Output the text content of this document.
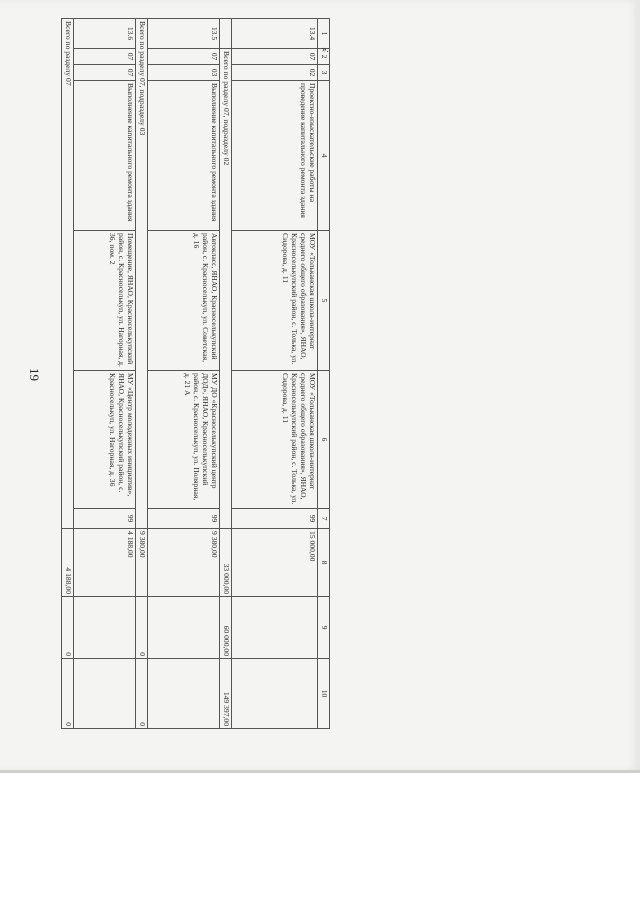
1	2	3	4	5	6	7	8	9	10
13.4	07	02	Проектно-изыскательские работы на проведение капитального ремонта здания	МОУ «Тольканская школа-интернат среднего общего образования», ЯНАО, Красноселькупский район, с. Толька, ул. Сидорова, д. 11	МОУ «Тольканская школа-интернат среднего общего образования», ЯНАО, Красноселькупский район, с. Толька, ул. Сидорова, д. 11	99	15 000,00		
	Всего по разделу 07, подразделу 02						33 000,00	60 000,00	149 397,00
13.5	07	03	Выполнение капитального ремонта здания	Автокласс, ЯНАО, Красноселькупский район, с. Красноселькуп, ул. Советская, д. 16	МУ ДО «Красноселькупский центр ДОД», ЯНАО, Красноселькупский район, с. Красноселькуп, ул. Полярная, д. 21 А	99	9 380,00		
Всего по разделу 07, подразделу 03							9 380,00	0	0
13.6	07	07	Выполнение капитального ремонта здания	Помещение, ЯНАО, Красноселькупский район, с. Красноселькуп, ул. Нагорная, д. 36, пом. 2	МУ «Центр молодежных инициатив», ЯНАО, Красноселькупский район, с. Красноселькуп, ул. Нагорная, д. 36	99	4 188,00		
Всего по разделу 07							4 188,00	0	0
19
».
